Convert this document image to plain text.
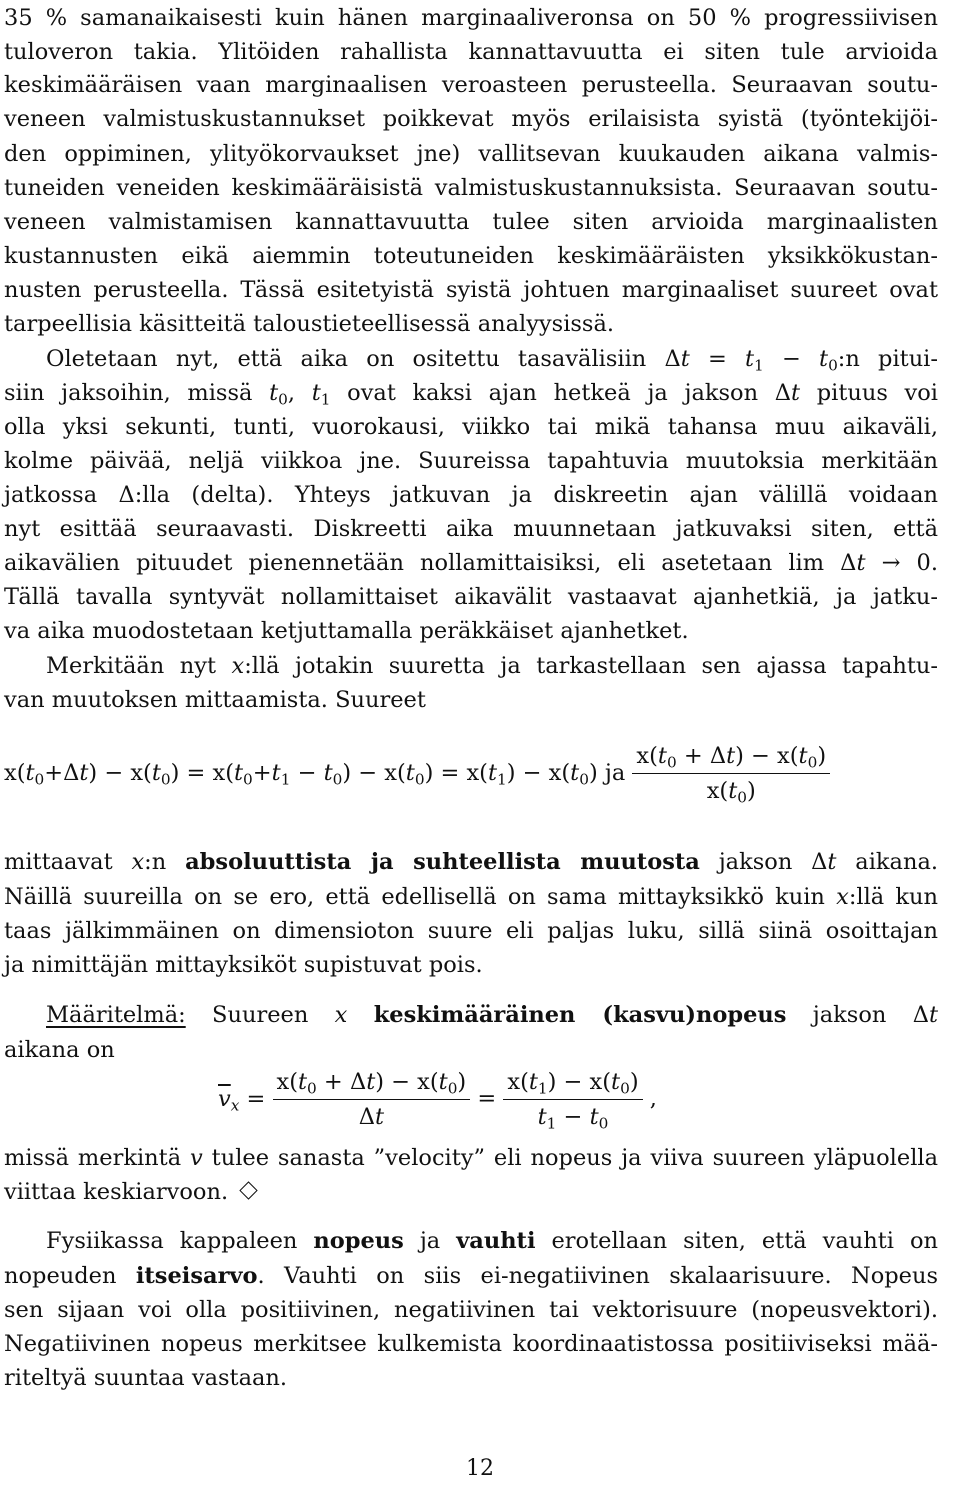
35 % samanaikaisesti kuin hänen marginaaliveronsa on 50 % progressiivisen
tuloveron takia. Ylitöiden rahallista kannattavuutta ei siten tule arvioida
keskimääräisen vaan marginaalisen veroasteen perusteella. Seuraavan soutu-
veneen valmistuskustannukset poikkevat myös erilaisista syistä (työntekijöi-
den oppiminen, ylityökorvaukset jne) vallitsevan kuukauden aikana valmis-
tuneiden veneiden keskimääräisistä valmistuskustannuksista. Seuraavan soutu-
veneen valmistamisen kannattavuutta tulee siten arvioida marginaalisten
kustannusten eikä aiemmin toteutuneiden keskimääräisten yksikkökustan-
nusten perusteella. Tässä esitetyistä syistä johtuen marginaaliset suureet ovat
tarpeellisia käsitteitä taloustieteellisessä analyysissä.
Oletetaan nyt, että aika on ositettu tasavälisiin $\Delta t = t_1$ − $t_0:n$ pitui-
siin jaksoihin, missä $t_0$, $t_1$ ovat kaksi ajan hetkeä ja jakson Δt pituus voi
olla yksi sekunti, tunti, vuorokausi, viikko tai mikä tahansa muu aikaväli,
kolme päivää, neljä viikkoa jne. Suureissa tapahtuvia muutoksia merkitään
jatkossa Δ:lla (delta). Yhteys jatkuvan ja diskreetin ajan välillä voidaan
nyt esittää seuraavasti. Diskreetti aika muunnetaan jatkuvaksi siten, että
aikavälien pituudet pienennetään nollamittaisiksi, eli asetetaan lim Δt → 0.
Tällä tavalla syntyvät nollamittaiset aikavälit vastaavat ajanhetkiä, ja jatku-
va aika muodostetaan ketjuttamalla peräkkäiset ajanhetket.
Merkitään nyt x:llä jotakin suuretta ja tarkastellaan sen ajassa tapahtu-
van muutoksen mittaamista. Suureet
$x(t_0+\Delta t) - x(t_0) = x(t_0+t_1 - t_0) - x(t_0) = x(t_1) - x(t_0)$ ja $\frac{x(t_0 + \Delta t) - x(t_0)}{x(t_0)}$
mittaavat x:n absoluuttista ja suhteellista muutosta jakson Δt aikana.
Näillä suureilla on se ero, että edellisellä on sama mittayksikkö kuin x:llä kun
taas jälkimmäinen on dimensioton suure eli paljas luku, sillä siinä osoittajan
ja nimittäjän mittayksiköt supistuvat pois.
Määritelmä: Suureen x keskimääräinen (kasvu)nopeus jakson Δt
aikana on
$\overline{v}_x = \frac{x(t_0 + \Delta t) - x(t_0)}{\Delta t} = \frac{x(t_1) - x(t_0)}{t_1 - t_0}$ ,
missä merkintä v tulee sanasta ”velocity” eli nopeus ja viiva suureen yläpuolella
viittaa keskiarvoon.
Fysiikassa kappaleen nopeus ja vauhti erotellaan siten, että vauhti on
nopeuden itseisarvo. Vauhti on siis ei-negatiivinen skalaarisuure. Nopeus
sen sijaan voi olla positiivinen, negatiivinen tai vektorisuure (nopeusvektori).
Negatiivinen nopeus merkitsee kulkemista koordinaatistossa positiiviseksi mää-
riteltyä suuntaa vastaan.
12
